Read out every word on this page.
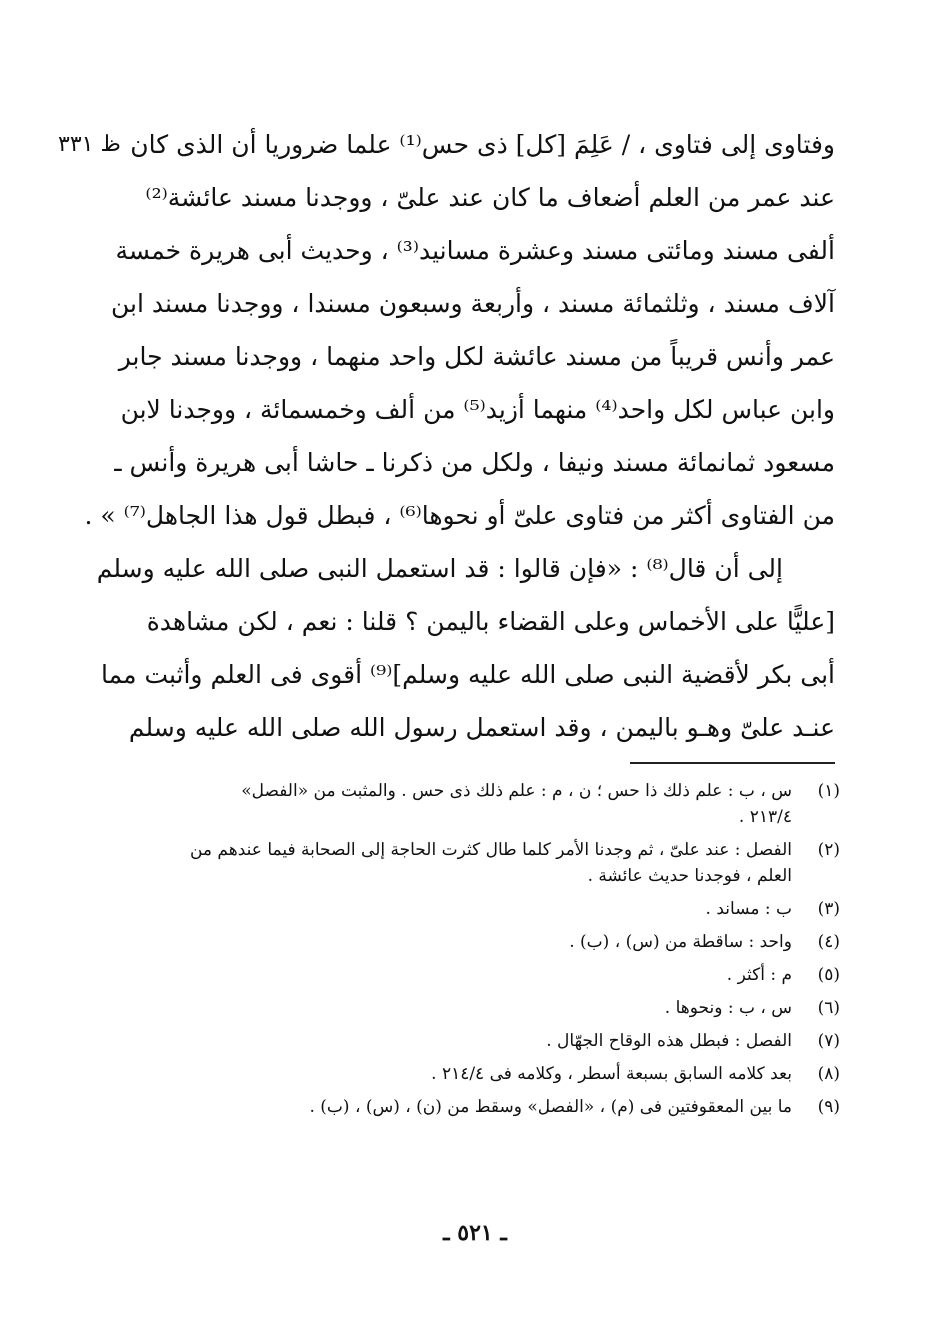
ظ ٣٣١ وفتاوى إلى فتاوى ، / عَلِمَ [كل] ذى حس⁽¹⁾ علما ضروريا أن الذى كان
عند عمر من العلم أضعاف ما كان عند علىّ ، ووجدنا مسند عائشة⁽²⁾
ألفى مسند ومائتى مسند وعشرة مسانيد⁽³⁾ ، وحديث أبى هريرة خمسة
آلاف مسند ، وثلثمائة مسند ، وأربعة وسبعون مسندا ، ووجدنا مسند ابن
عمر وأنس قريباً من مسند عائشة لكل واحد منهما ، ووجدنا مسند جابر
وابن عباس لكل واحد⁽⁴⁾ منهما أزيد⁽⁵⁾ من ألف وخمسمائة ، ووجدنا لابن
مسعود ثمانمائة مسند ونيفا ، ولكل من ذكرنا ـ حاشا أبى هريرة وأنس ـ
من الفتاوى أكثر من فتاوى علىّ أو نحوها⁽⁶⁾ ، فبطل قول هذا الجاهل⁽⁷⁾ » .
إلى أن قال⁽⁸⁾ : «فإن قالوا : قد استعمل النبى صلى الله عليه وسلم
[عليًّا على الأخماس وعلى القضاء باليمن ؟ قلنا : نعم ، لكن مشاهدة
أبى بكر لأقضية النبى صلى الله عليه وسلم]⁽⁹⁾ أقوى فى العلم وأثبت مما
عنـد علىّ وهـو باليمن ، وقد استعمل رسول الله صلى الله عليه وسلم
(١)
س ، ب : علم ذلك ذا حس ؛ ن ، م : علم ذلك ذى حس . والمثبت من «الفصل»
٢١٣/٤ .
(٢)
الفصل : عند علىّ ، ثم وجدنا الأمر كلما طال كثرت الحاجة إلى الصحابة فيما عندهم من
العلم ، فوجدنا حديث عائشة .
(٣)
ب : مساند .
(٤)
واحد : ساقطة من (س) ، (ب) .
(٥)
م : أكثر .
(٦)
س ، ب : ونحوها .
(٧)
الفصل : فبطل هذه الوقاح الجهّال .
(٨)
بعد كلامه السابق بسبعة أسطر ، وكلامه فى ٢١٤/٤ .
(٩)
ما بين المعقوفتين فى (م) ، «الفصل» وسقط من (ن) ، (س) ، (ب) .
ـ ٥٢١ ـ
